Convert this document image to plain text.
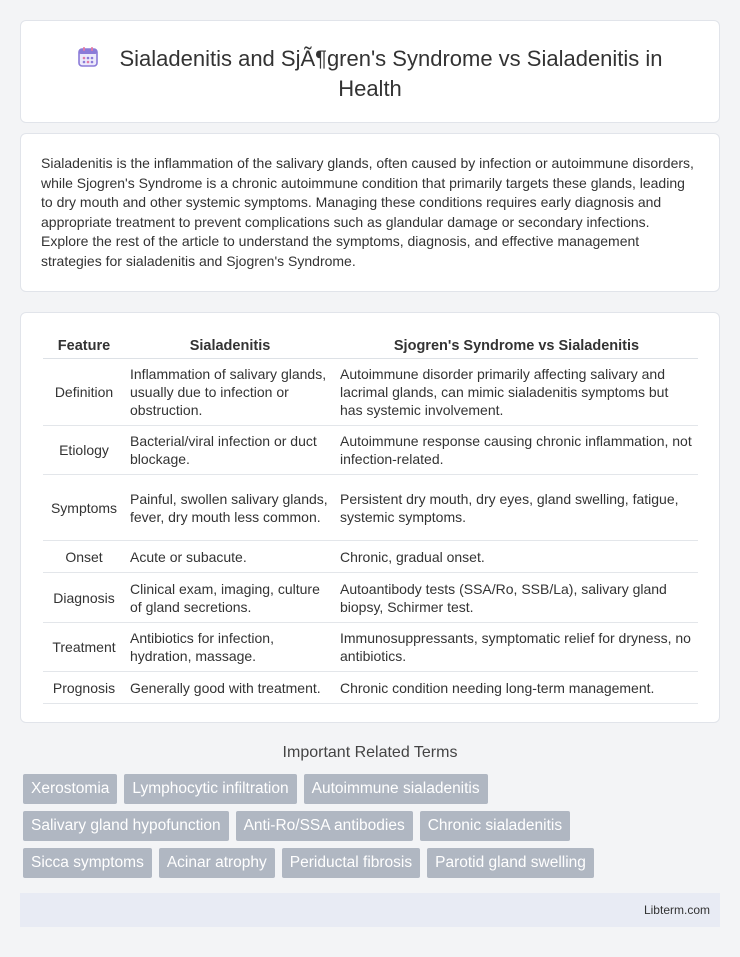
Sialadenitis and SjÃ¶gren's Syndrome vs Sialadenitis in Health

Sialadenitis is the inflammation of the salivary glands, often caused by infection or autoimmune disorders, while Sjogren's Syndrome is a chronic autoimmune condition that primarily targets these glands, leading to dry mouth and other systemic symptoms. Managing these conditions requires early diagnosis and appropriate treatment to prevent complications such as glandular damage or secondary infections. Explore the rest of the article to understand the symptoms, diagnosis, and effective management strategies for sialadenitis and Sjogren's Syndrome.

Feature	Sialadenitis	Sjogren's Syndrome vs Sialadenitis
Definition	Inflammation of salivary glands, usually due to infection or obstruction.	Autoimmune disorder primarily affecting salivary and lacrimal glands, can mimic sialadenitis symptoms but has systemic involvement.
Etiology	Bacterial/viral infection or duct blockage.	Autoimmune response causing chronic inflammation, not infection-related.
Symptoms	Painful, swollen salivary glands, fever, dry mouth less common.	Persistent dry mouth, dry eyes, gland swelling, fatigue, systemic symptoms.
Onset	Acute or subacute.	Chronic, gradual onset.
Diagnosis	Clinical exam, imaging, culture of gland secretions.	Autoantibody tests (SSA/Ro, SSB/La), salivary gland biopsy, Schirmer test.
Treatment	Antibiotics for infection, hydration, massage.	Immunosuppressants, symptomatic relief for dryness, no antibiotics.
Prognosis	Generally good with treatment.	Chronic condition needing long-term management.
Important Related Terms
Xerostomia	Lymphocytic infiltration	Autoimmune sialadenitis
Salivary gland hypofunction	Anti-Ro/SSA antibodies	Chronic sialadenitis
Sicca symptoms	Acinar atrophy	Periductal fibrosis	Parotid gland swelling
Libterm.com
